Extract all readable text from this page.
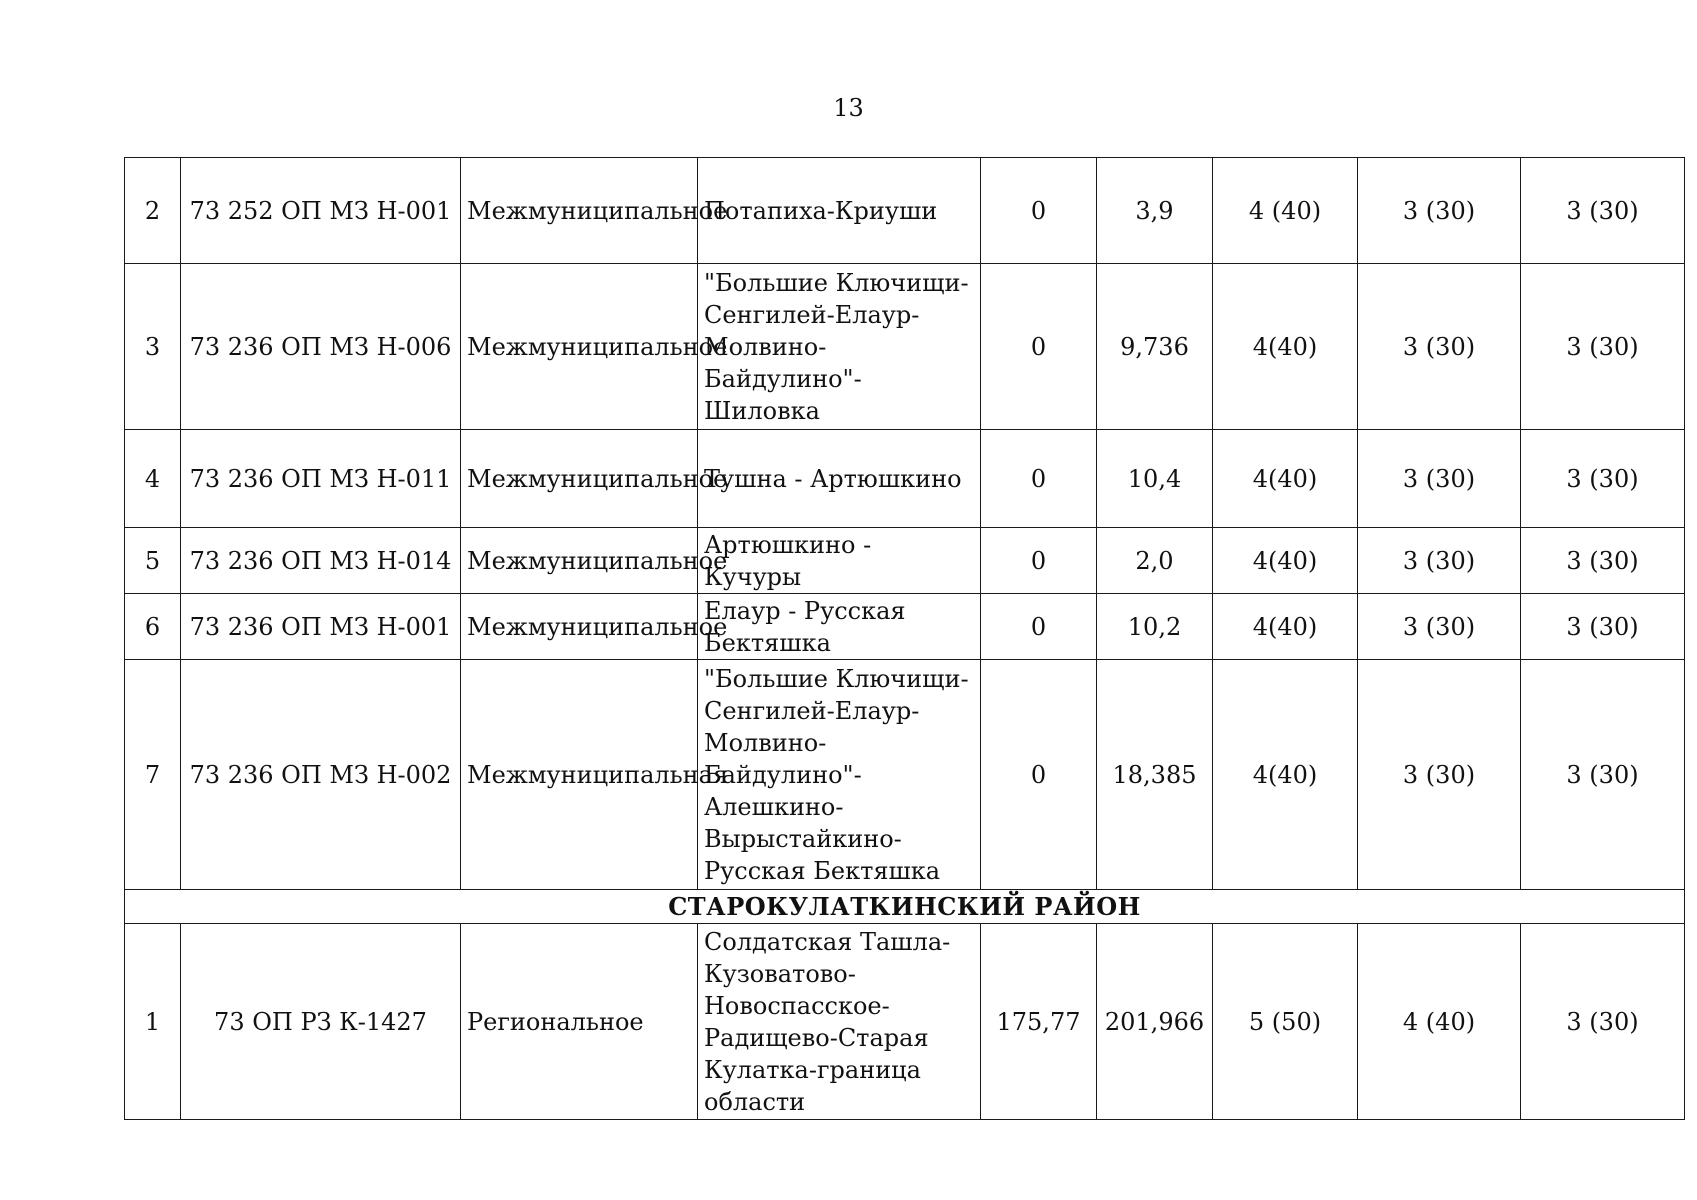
13
2	73 252 ОП МЗ Н-001	Межмуниципальное	Потапиха-Криуши	0	3,9	4 (40)	3 (30)	3 (30)
3	73 236 ОП МЗ Н-006	Межмуниципальное	"Большие Ключищи-Сенгилей-Елаур-Молвино-Байдулино"-Шиловка	0	9,736	4(40)	3 (30)	3 (30)
4	73 236 ОП МЗ Н-011	Межмуниципальное	Тушна - Артюшкино	0	10,4	4(40)	3 (30)	3 (30)
5	73 236 ОП МЗ Н-014	Межмуниципальное	Артюшкино - Кучуры	0	2,0	4(40)	3 (30)	3 (30)
6	73 236 ОП МЗ Н-001	Межмуниципальное	Елаур - Русская Бектяшка	0	10,2	4(40)	3 (30)	3 (30)
7	73 236 ОП МЗ Н-002	Межмуниципальная	"Большие Ключищи-Сенгилей-Елаур-Молвино-Байдулино"-Алешкино-Вырыстайкино-Русская Бектяшка	0	18,385	4(40)	3 (30)	3 (30)
СТАРОКУЛАТКИНСКИЙ РАЙОН								
1	73 ОП РЗ К-1427	Региональное	Солдатская Ташла-Кузоватово-Новоспасское-Радищево-Старая Кулатка-граница области	175,77	201,966	5 (50)	4 (40)	3 (30)
